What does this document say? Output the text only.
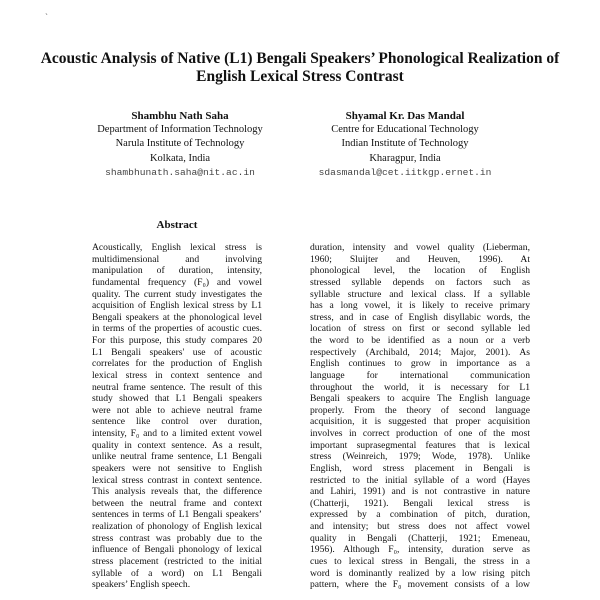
`
Acoustic Analysis of Native (L1) Bengali Speakers’ Phonological Realization of
English Lexical Stress Contrast
Shambhu Nath Saha
Department of Information Technology
Narula Institute of Technology
Kolkata, India
shambhunath.saha@nit.ac.in
Shyamal Kr. Das Mandal
Centre for Educational Technology
Indian Institute of Technology
Kharagpur, India
sdasmandal@cet.iitkgp.ernet.in
Abstract
Acoustically, English lexical stress is
multidimensional and involving
manipulation of duration, intensity,
fundamental frequency (F₀) and vowel
quality. The current study investigates the
acquisition of English lexical stress by L1
Bengali speakers at the phonological level
in terms of the properties of acoustic cues.
For this purpose, this study compares 20
L1 Bengali speakers' use of acoustic
correlates for the production of English
lexical stress in context sentence and
neutral frame sentence. The result of this
study showed that L1 Bengali speakers
were not able to achieve neutral frame
sentence like control over duration,
intensity, F₀ and to a limited extent vowel
quality in context sentence. As a result,
unlike neutral frame sentence, L1 Bengali
speakers were not sensitive to English
lexical stress contrast in context sentence.
This analysis reveals that, the difference
between the neutral frame and context
sentences in terms of L1 Bengali speakers’
realization of phonology of English lexical
stress contrast was probably due to the
influence of Bengali phonology of lexical
stress placement (restricted to the initial
syllable of a word) on L1 Bengali
speakers’ English speech.
duration, intensity and vowel quality (Lieberman,
1960; Sluijter and Heuven, 1996). At
phonological level, the location of English
stressed syllable depends on factors such as
syllable structure and lexical class. If a syllable
has a long vowel, it is likely to receive primary
stress, and in case of English disyllabic words, the
location of stress on first or second syllable led
the word to be identified as a noun or a verb
respectively (Archibald, 2014; Major, 2001). As
English continues to grow in importance as a
language for international communication
throughout the world, it is necessary for L1
Bengali speakers to acquire The English language
properly. From the theory of second language
acquisition, it is suggested that proper acquisition
involves in correct production of one of the most
important suprasegmental features that is lexical
stress (Weinreich, 1979; Wode, 1978). Unlike
English, word stress placement in Bengali is
restricted to the initial syllable of a word (Hayes
and Lahiri, 1991) and is not contrastive in nature
(Chatterji, 1921). Bengali lexical stress is
expressed by a combination of pitch, duration,
and intensity; but stress does not affect vowel
quality in Bengali (Chatterji, 1921; Emeneau,
1956). Although F₀, intensity, duration serve as
cues to lexical stress in Bengali, the stress in a
word is dominantly realized by a low rising pitch
pattern, where the F₀ movement consists of a low
